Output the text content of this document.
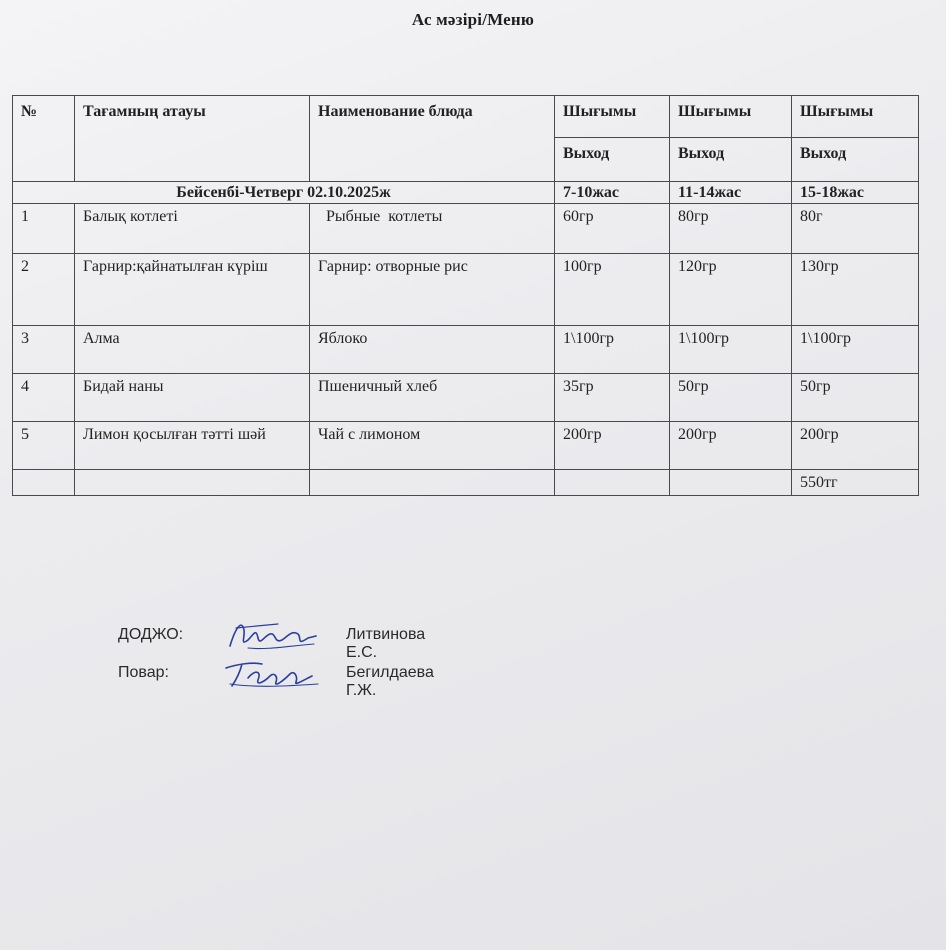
Ас мәзірі/Меню
№	Тағамның атауы	Наименование блюда	Шығымы	Шығымы	Шығымы
			Выход	Выход	Выход
Бейсенбі-Четверг 02.10.2025ж			7-10жас	11-14жас	15-18жас
1	Балық котлеті	Рыбные  котлеты	60гр	80гр	80г
2	Гарнир:қайнатылған күріш	Гарнир: отворные рис	100гр	120гр	130гр
3	Алма	Яблоко	1\100гр	1\100гр	1\100гр
4	Бидай наны	Пшеничный хлеб	35гр	50гр	50гр
5	Лимон қосылған тәтті шәй	Чай с лимоном	200гр	200гр	200гр
					550тг
ДОДЖО:	Литвинова Е.С.
Повар:	Бегилдаева Г.Ж.
